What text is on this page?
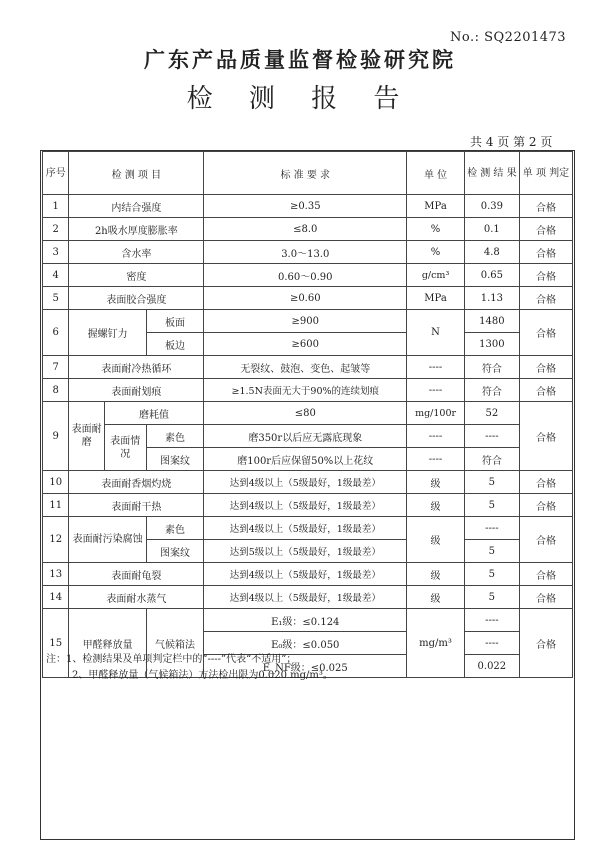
No.: SQ2201473
广东产品质量监督检验研究院
检 测 报 告
共 4 页 第 2 页
序号	检 测 项 目			标 准 要 求	单 位	检 测 结 果	单 项 判定
1	内结合强度			≥0.35	MPa	0.39	合格
2	2h吸水厚度膨胀率			≤8.0	%	0.1	合格
3	含水率			3.0～13.0	%	4.8	合格
4	密度			0.60～0.90	g/cm³	0.65	合格
5	表面胶合强度			≥0.60	MPa	1.13	合格
6	握螺钉力		板面	≥900	N	1480	合格
			板边	≥600		1300	
7	表面耐冷热循环			无裂纹、鼓泡、变色、起皱等	----	符合	合格
8	表面耐划痕			≥1.5N表面无大于90%的连续划痕	----	符合	合格
9	表面耐磨	磨耗值		≤80	mg/100r	52	合格
		表面情况	素色	磨350r以后应无露底现象	----	----	
			图案纹	磨100r后应保留50%以上花纹	----	符合	
10	表面耐香烟灼烧			达到4级以上（5级最好，1级最差）	级	5	合格
11	表面耐干热			达到4级以上（5级最好，1级最差）	级	5	合格
12	表面耐污染腐蚀		素色	达到4级以上（5级最好，1级最差）	级	----	合格
			图案纹	达到5级以上（5级最好，1级最差）		5	
13	表面耐龟裂			达到4级以上（5级最好，1级最差）	级	5	合格
14	表面耐水蒸气			达到4级以上（5级最好，1级最差）	级	5	合格
15	甲醛释放量		气候箱法	E₁级：≤0.124	mg/m³	----	合格
				E₀级：≤0.050		----	
				E_NF级：≤0.025		0.022	
注：1、检测结果及单项判定栏中的“----”代表“不适用”；
2、甲醛释放量（气候箱法）方法检出限为0.020 mg/m³。
